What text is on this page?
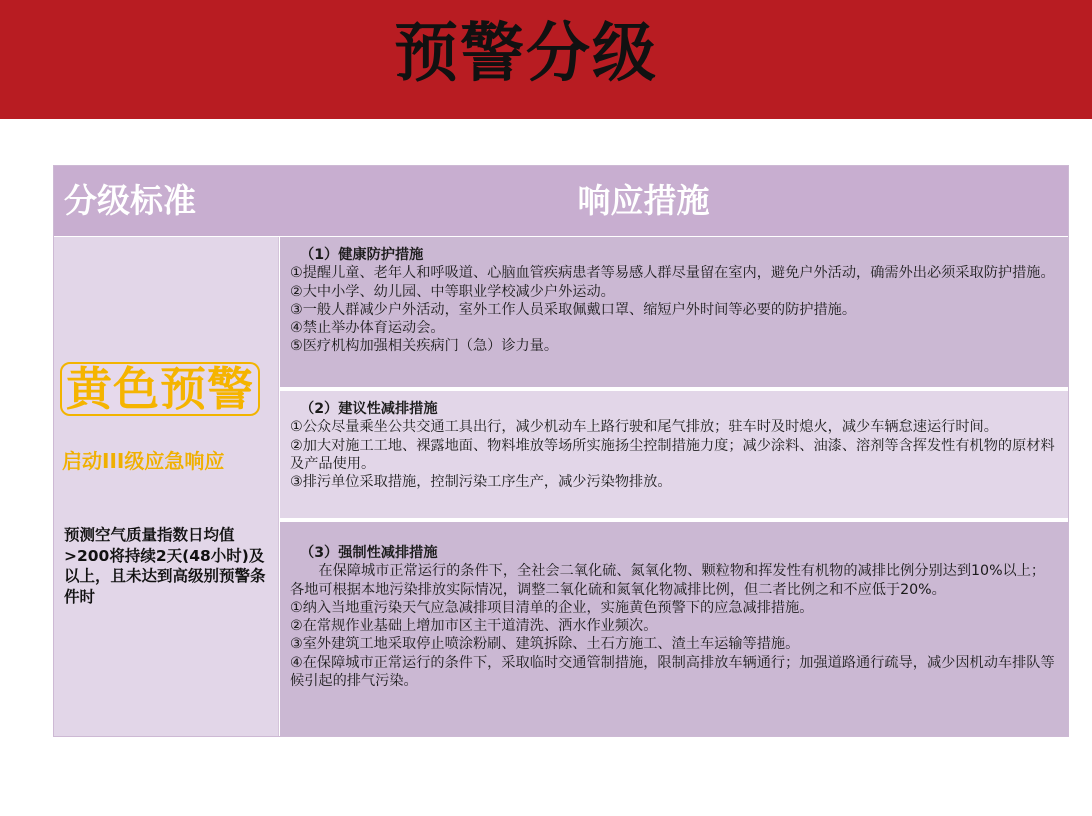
预警分级
分级标准	响应措施
黄色预警
启动III级应急响应
预测空气质量指数日均值>200将持续2天(48小时)及以上，且未达到高级别预警条件时
（1）健康防护措施

①提醒儿童、老年人和呼吸道、心脑血管疾病患者等易感人群尽量留在室内，避免户外活动，确需外出必须采取防护措施。

②大中小学、幼儿园、中等职业学校减少户外运动。

③一般人群减少户外活动，室外工作人员采取佩戴口罩、缩短户外时间等必要的防护措施。

④禁止举办体育运动会。

⑤医疗机构加强相关疾病门（急）诊力量。

（2）建议性减排措施

①公众尽量乘坐公共交通工具出行，减少机动车上路行驶和尾气排放；驻车时及时熄火，减少车辆怠速运行时间。

②加大对施工工地、裸露地面、物料堆放等场所实施扬尘控制措施力度；减少涂料、油漆、溶剂等含挥发性有机物的原材料及产品使用。

③排污单位采取措施，控制污染工序生产，减少污染物排放。

（3）强制性减排措施

在保障城市正常运行的条件下，全社会二氧化硫、氮氧化物、颗粒物和挥发性有机物的减排比例分别达到10%以上；各地可根据本地污染排放实际情况，调整二氧化硫和氮氧化物减排比例，但二者比例之和不应低于20%。

①纳入当地重污染天气应急减排项目清单的企业，实施黄色预警下的应急减排措施。

②在常规作业基础上增加市区主干道清洗、洒水作业频次。

③室外建筑工地采取停止喷涂粉刷、建筑拆除、土石方施工、渣土车运输等措施。

④在保障城市正常运行的条件下，采取临时交通管制措施，限制高排放车辆通行；加强道路通行疏导，减少因机动车排队等候引起的排气污染。
